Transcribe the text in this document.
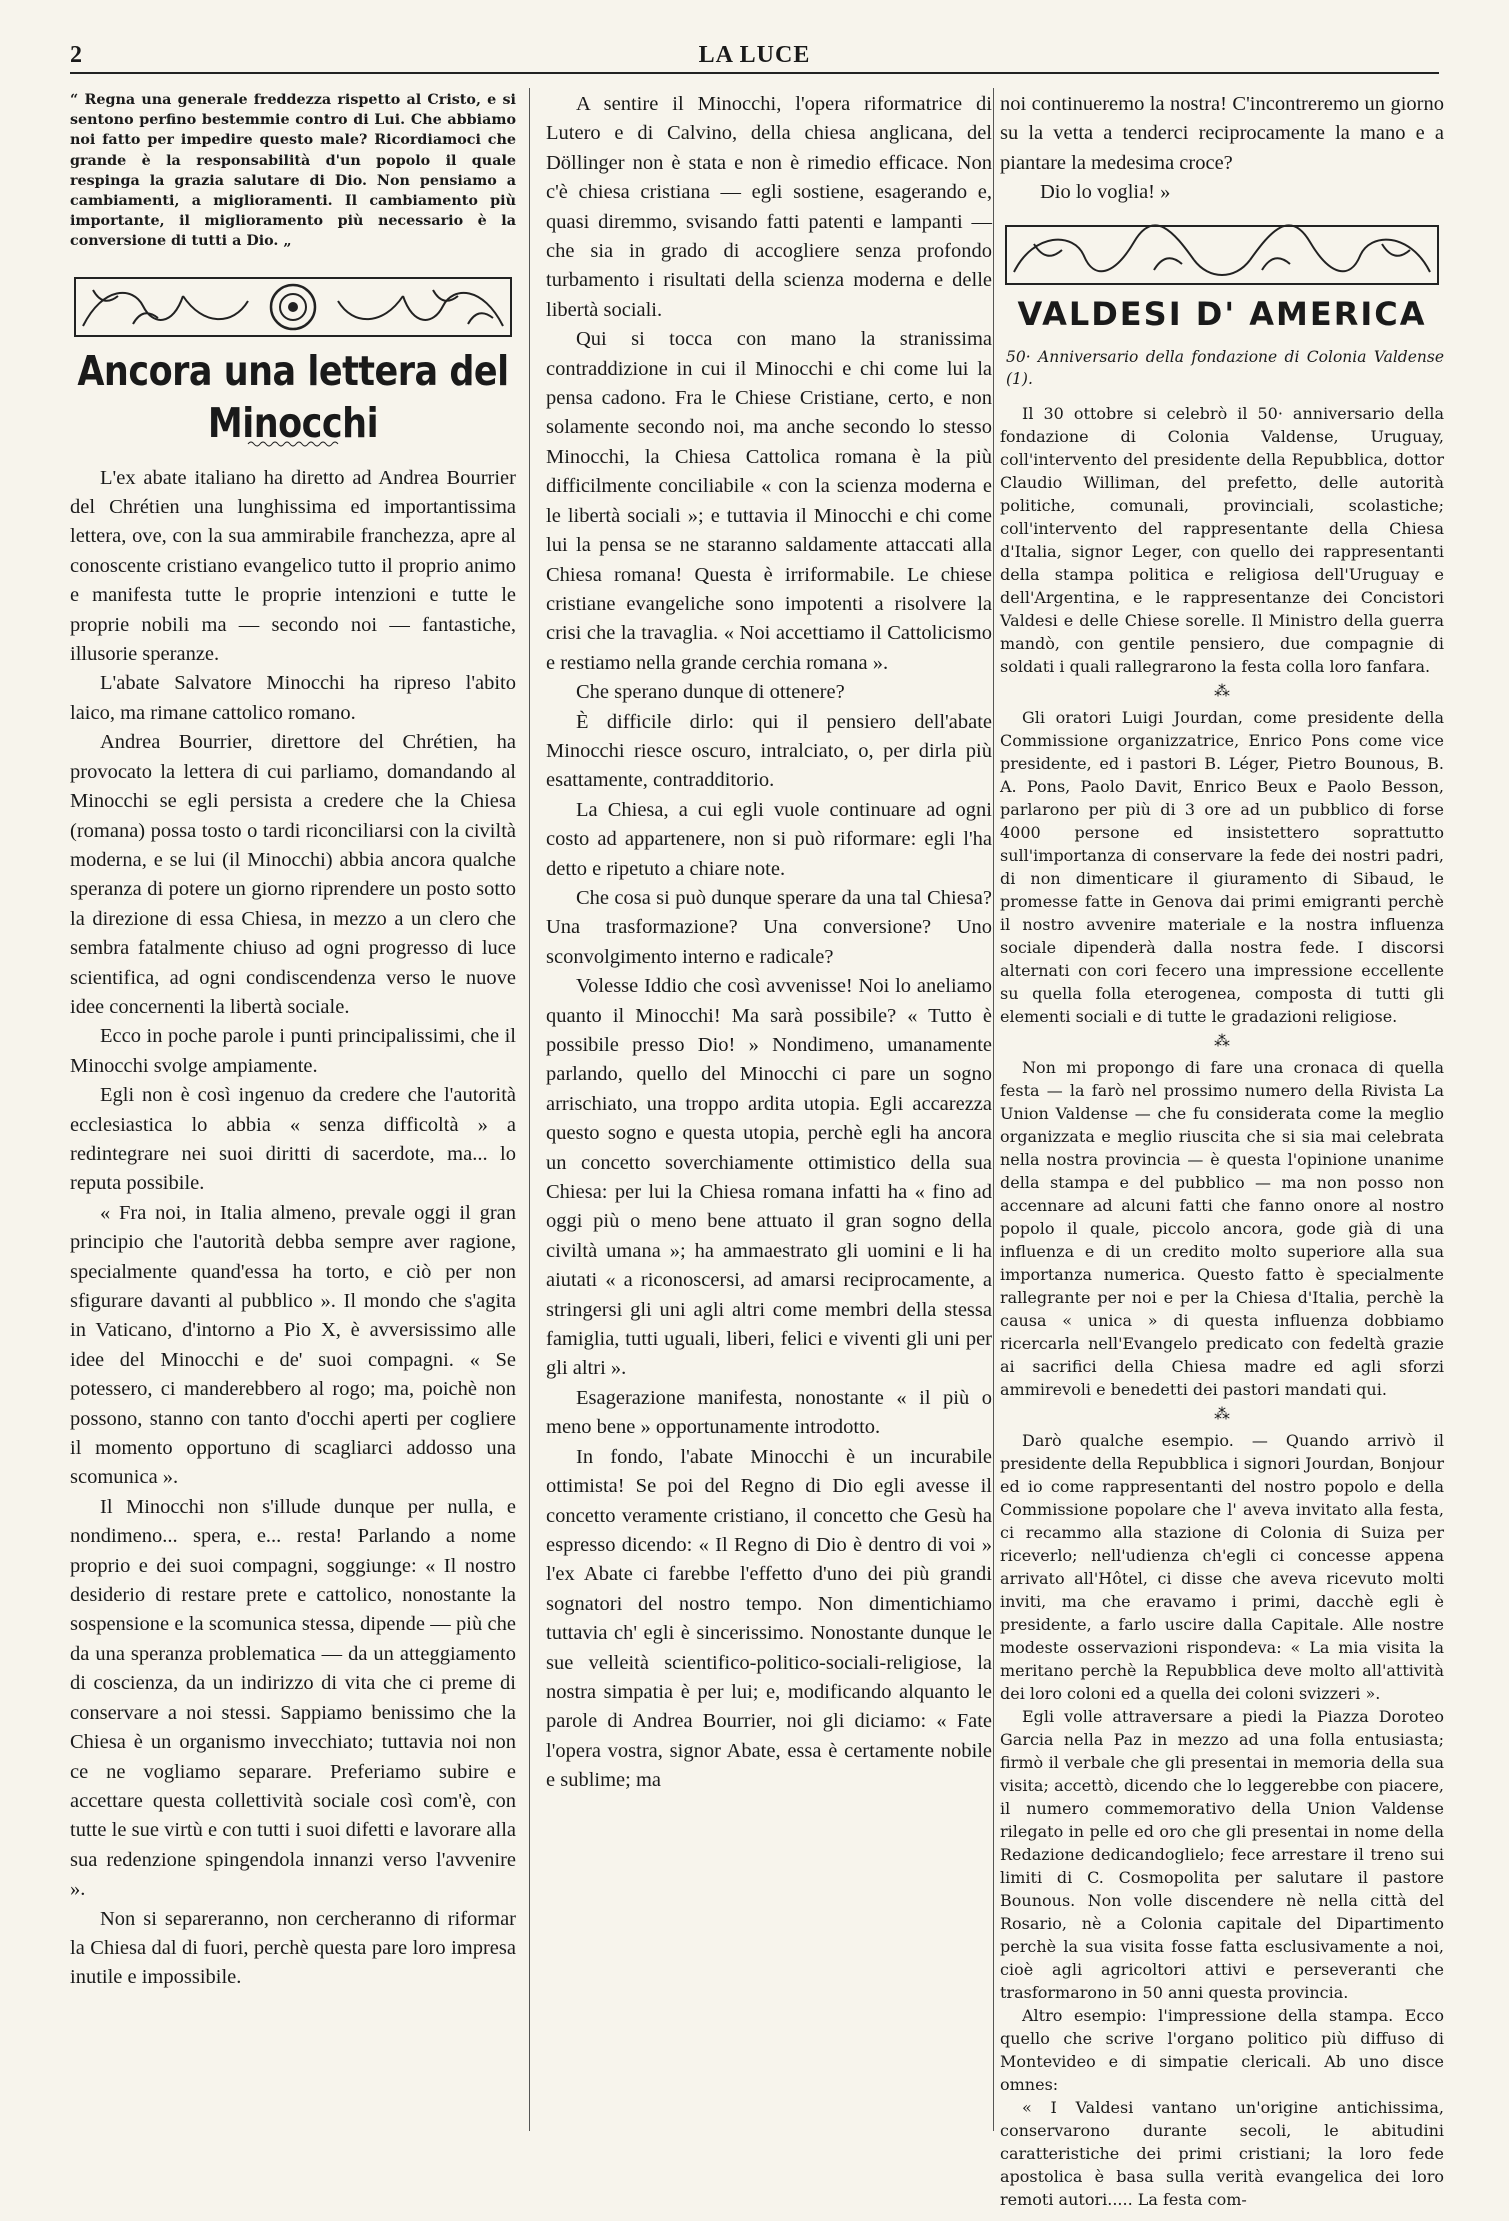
2	LA LUCE

“ Regna una generale freddezza rispetto al Cristo, e si sentono perfino bestemmie contro di Lui. Che abbiamo noi fatto per impedire questo male? Ricordiamoci che grande è la responsabilità d'un popolo il quale respinga la grazia salutare di Dio. Non pensiamo a cambiamenti, a miglioramenti. Il cambiamento più importante, il miglioramento più necessario è la conversione di tutti a Dio. „

Ancora una lettera del Minocchi

L'ex abate italiano ha diretto ad Andrea Bourrier del Chrétien una lunghissima ed importantissima lettera, ove, con la sua ammirabile franchezza, apre al conoscente cristiano evangelico tutto il proprio animo e manifesta tutte le proprie intenzioni e tutte le proprie nobili ma — secondo noi — fantastiche, illusorie speranze.

L'abate Salvatore Minocchi ha ripreso l'abito laico, ma rimane cattolico romano.

Andrea Bourrier, direttore del Chrétien, ha provocato la lettera di cui parliamo, domandando al Minocchi se egli persista a credere che la Chiesa (romana) possa tosto o tardi riconciliarsi con la civiltà moderna, e se lui (il Minocchi) abbia ancora qualche speranza di potere un giorno riprendere un posto sotto la direzione di essa Chiesa, in mezzo a un clero che sembra fatalmente chiuso ad ogni progresso di luce scientifica, ad ogni condiscendenza verso le nuove idee concernenti la libertà sociale.

Ecco in poche parole i punti principalissimi, che il Minocchi svolge ampiamente.

Egli non è così ingenuo da credere che l'autorità ecclesiastica lo abbia « senza difficoltà » a redintegrare nei suoi diritti di sacerdote, ma... lo reputa possibile.

« Fra noi, in Italia almeno, prevale oggi il gran principio che l'autorità debba sempre aver ragione, specialmente quand'essa ha torto, e ciò per non sfigurare davanti al pubblico ». Il mondo che s'agita in Vaticano, d'intorno a Pio X, è avversissimo alle idee del Minocchi e de' suoi compagni. « Se potessero, ci manderebbero al rogo; ma, poichè non possono, stanno con tanto d'occhi aperti per cogliere il momento opportuno di scagliarci addosso una scomunica ».

Il Minocchi non s'illude dunque per nulla, e nondimeno... spera, e... resta! Parlando a nome proprio e dei suoi compagni, soggiunge: « Il nostro desiderio di restare prete e cattolico, nonostante la sospensione e la scomunica stessa, dipende — più che da una speranza problematica — da un atteggiamento di coscienza, da un indirizzo di vita che ci preme di conservare a noi stessi. Sappiamo benissimo che la Chiesa è un organismo invecchiato; tuttavia noi non ce ne vogliamo separare. Preferiamo subire e accettare questa collettività sociale così com'è, con tutte le sue virtù e con tutti i suoi difetti e lavorare alla sua redenzione spingendola innanzi verso l'avvenire ».

Non si separeranno, non cercheranno di riformar la Chiesa dal di fuori, perchè questa pare loro impresa inutile e impossibile.

A sentire il Minocchi, l'opera riformatrice di Lutero e di Calvino, della chiesa anglicana, del Döllinger non è stata e non è rimedio efficace. Non c'è chiesa cristiana — egli sostiene, esagerando e, quasi diremmo, svisando fatti patenti e lampanti — che sia in grado di accogliere senza profondo turbamento i risultati della scienza moderna e delle libertà sociali.

Qui si tocca con mano la stranissima contraddizione in cui il Minocchi e chi come lui la pensa cadono. Fra le Chiese Cristiane, certo, e non solamente secondo noi, ma anche secondo lo stesso Minocchi, la Chiesa Cattolica romana è la più difficilmente conciliabile « con la scienza moderna e le libertà sociali »; e tuttavia il Minocchi e chi come lui la pensa se ne staranno saldamente attaccati alla Chiesa romana! Questa è irriformabile. Le chiese cristiane evangeliche sono impotenti a risolvere la crisi che la travaglia. « Noi accettiamo il Cattolicismo e restiamo nella grande cerchia romana ».

Che sperano dunque di ottenere?

È difficile dirlo: qui il pensiero dell'abate Minocchi riesce oscuro, intralciato, o, per dirla più esattamente, contradditorio.

La Chiesa, a cui egli vuole continuare ad ogni costo ad appartenere, non si può riformare: egli l'ha detto e ripetuto a chiare note.

Che cosa si può dunque sperare da una tal Chiesa? Una trasformazione? Una conversione? Uno sconvolgimento interno e radicale?

Volesse Iddio che così avvenisse! Noi lo aneliamo quanto il Minocchi! Ma sarà possibile? « Tutto è possibile presso Dio! » Nondimeno, umanamente parlando, quello del Minocchi ci pare un sogno arrischiato, una troppo ardita utopia. Egli accarezza questo sogno e questa utopia, perchè egli ha ancora un concetto soverchiamente ottimistico della sua Chiesa: per lui la Chiesa romana infatti ha « fino ad oggi più o meno bene attuato il gran sogno della civiltà umana »; ha ammaestrato gli uomini e li ha aiutati « a riconoscersi, ad amarsi reciprocamente, a stringersi gli uni agli altri come membri della stessa famiglia, tutti uguali, liberi, felici e viventi gli uni per gli altri ».

Esagerazione manifesta, nonostante « il più o meno bene » opportunamente introdotto.

In fondo, l'abate Minocchi è un incurabile ottimista! Se poi del Regno di Dio egli avesse il concetto veramente cristiano, il concetto che Gesù ha espresso dicendo: « Il Regno di Dio è dentro di voi » l'ex Abate ci farebbe l'effetto d'uno dei più grandi sognatori del nostro tempo. Non dimentichiamo tuttavia ch' egli è sincerissimo. Nonostante dunque le sue velleità scientifico-politico-sociali-religiose, la nostra simpatia è per lui; e, modificando alquanto le parole di Andrea Bourrier, noi gli diciamo: « Fate l'opera vostra, signor Abate, essa è certamente nobile e sublime; ma

noi continueremo la nostra! C'incontreremo un giorno su la vetta a tenderci reciprocamente la mano e a piantare la medesima croce?

Dio lo voglia! »

VALDESI D' AMERICA

50· Anniversario della fondazione di Colonia Valdense (1).

Il 30 ottobre si celebrò il 50· anniversario della fondazione di Colonia Valdense, Uruguay, coll'intervento del presidente della Repubblica, dottor Claudio Williman, del prefetto, delle autorità politiche, comunali, provinciali, scolastiche; coll'intervento del rappresentante della Chiesa d'Italia, signor Leger, con quello dei rappresentanti della stampa politica e religiosa dell'Uruguay e dell'Argentina, e le rappresentanze dei Concistori Valdesi e delle Chiese sorelle. Il Ministro della guerra mandò, con gentile pensiero, due compagnie di soldati i quali rallegrarono la festa colla loro fanfara.

⁂

Gli oratori Luigi Jourdan, come presidente della Commissione organizzatrice, Enrico Pons come vice presidente, ed i pastori B. Léger, Pietro Bounous, B. A. Pons, Paolo Davit, Enrico Beux e Paolo Besson, parlarono per più di 3 ore ad un pubblico di forse 4000 persone ed insistettero soprattutto sull'importanza di conservare la fede dei nostri padri, di non dimenticare il giuramento di Sibaud, le promesse fatte in Genova dai primi emigranti perchè il nostro avvenire materiale e la nostra influenza sociale dipenderà dalla nostra fede. I discorsi alternati con cori fecero una impressione eccellente su quella folla eterogenea, composta di tutti gli elementi sociali e di tutte le gradazioni religiose.

⁂

Non mi propongo di fare una cronaca di quella festa — la farò nel prossimo numero della Rivista La Union Valdense — che fu considerata come la meglio organizzata e meglio riuscita che si sia mai celebrata nella nostra provincia — è questa l'opinione unanime della stampa e del pubblico — ma non posso non accennare ad alcuni fatti che fanno onore al nostro popolo il quale, piccolo ancora, gode già di una influenza e di un credito molto superiore alla sua importanza numerica. Questo fatto è specialmente rallegrante per noi e per la Chiesa d'Italia, perchè la causa « unica » di questa influenza dobbiamo ricercarla nell'Evangelo predicato con fedeltà grazie ai sacrifici della Chiesa madre ed agli sforzi ammirevoli e benedetti dei pastori mandati qui.

⁂

Darò qualche esempio. — Quando arrivò il presidente della Repubblica i signori Jourdan, Bonjour ed io come rappresentanti del nostro popolo e della Commissione popolare che l' aveva invitato alla festa, ci recammo alla stazione di Colonia di Suiza per riceverlo; nell'udienza ch'egli ci concesse appena arrivato all'Hôtel, ci disse che aveva ricevuto molti inviti, ma che eravamo i primi, dacchè egli è presidente, a farlo uscire dalla Capitale. Alle nostre modeste osservazioni rispondeva: « La mia visita la meritano perchè la Repubblica deve molto all'attività dei loro coloni ed a quella dei coloni svizzeri ».

Egli volle attraversare a piedi la Piazza Doroteo Garcia nella Paz in mezzo ad una folla entusiasta; firmò il verbale che gli presentai in memoria della sua visita; accettò, dicendo che lo leggerebbe con piacere, il numero commemorativo della Union Valdense rilegato in pelle ed oro che gli presentai in nome della Redazione dedicandoglielo; fece arrestare il treno sui limiti di C. Cosmopolita per salutare il pastore Bounous. Non volle discendere nè nella città del Rosario, nè a Colonia capitale del Dipartimento perchè la sua visita fosse fatta esclusivamente a noi, cioè agli agricoltori attivi e perseveranti che trasformarono in 50 anni questa provincia.

Altro esempio: l'impressione della stampa. Ecco quello che scrive l'organo politico più diffuso di Montevideo e di simpatie clericali. Ab uno disce omnes:

« I Valdesi vantano un'origine antichissima, conservarono durante secoli, le abitudini caratteristiche dei primi cristiani; la loro fede apostolica è basa sulla verità evangelica dei loro remoti autori..... La festa com-
